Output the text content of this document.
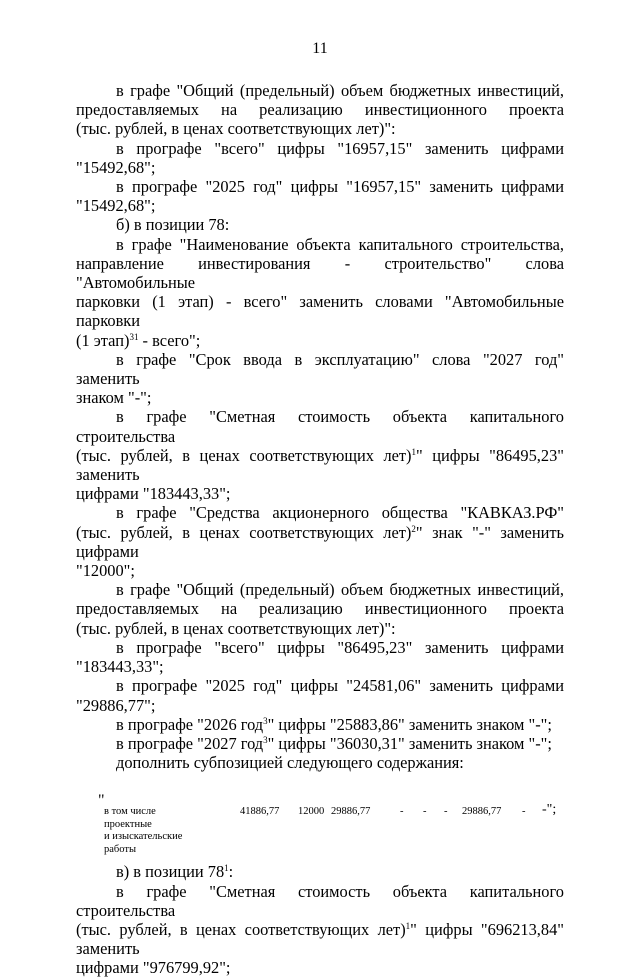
11

в графе "Общий (предельный) объем бюджетных инвестиций,

предоставляемых на реализацию инвестиционного проекта

(тыс. рублей, в ценах соответствующих лет)":

в прографе "всего" цифры "16957,15" заменить цифрами "15492,68";

в прографе "2025 год" цифры "16957,15" заменить цифрами

"15492,68";

б) в позиции 78:

в графе "Наименование объекта капитального строительства,

направление инвестирования - строительство" слова "Автомобильные

парковки (1 этап) - всего" заменить словами "Автомобильные парковки

(1 этап)$^{31}$ - всего";

в графе "Срок ввода в эксплуатацию" слова "2027 год" заменить

знаком "-";

в графе "Сметная стоимость объекта капитального строительства

(тыс. рублей, в ценах соответствующих лет)$^1$" цифры "86495,23" заменить

цифрами "183443,33";

в графе "Средства акционерного общества "КАВКАЗ.РФ"

(тыс. рублей, в ценах соответствующих лет)$^2$" знак "-" заменить цифрами

"12000";

в графе "Общий (предельный) объем бюджетных инвестиций,

предоставляемых на реализацию инвестиционного проекта

(тыс. рублей, в ценах соответствующих лет)":

в прографе "всего" цифры "86495,23" заменить цифрами

"183443,33";

в прографе "2025 год" цифры "24581,06" заменить цифрами

"29886,77";

в прографе "2026 год$^3$" цифры "25883,86" заменить знаком "-";

в прографе "2027 год$^3$" цифры "36030,31" заменить знаком "-";

дополнить субпозицией следующего содержания:

"
в том числе
проектные
и изыскательские
работы
41886,77 12000 29886,77	- - - 29886,77 - -";

в) в позиции $78^1$:

в графе "Сметная стоимость объекта капитального строительства

(тыс. рублей, в ценах соответствующих лет)$^1$" цифры "696213,84" заменить

цифрами "976799,92";
